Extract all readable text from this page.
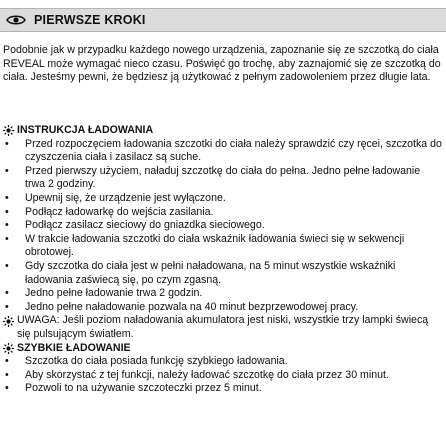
PIERWSZE KROKI
Podobnie jak w przypadku każdego nowego urządzenia, zapoznanie się ze szczotką do ciała REVEAL może wymagać nieco czasu. Poświęć go trochę, aby zaznajomić się ze szczotką do ciała. Jesteśmy pewni, że będziesz ją użytkować z pełnym zadowoleniem przez długie lata.
INSTRUKCJA ŁADOWANIA
•	Przed rozpoczęciem ładowania szczotki do ciała należy sprawdzić czy ręcei, szczotka do czyszczenia ciała i zasilacz są suche.
•	Przed pierwszy użyciem, naładuj szczotkę do ciała do pełna. Jedno pełne ładowanie trwa 2 godziny.
•	Upewnij się, że urządzenie jest wyłączone.
•	Podłącz ładowarkę do wejścia zasilania.
•	Podłącz zasilacz sieciowy do gniazdka sieciowego.
•	W trakcie ładowania szczotki do ciała wskaźnik ładowania świeci się w sekwencji obrotowej.
•	Gdy szczotka do ciała jest w pełni naładowana, na 5 minut wszystkie wskaźniki ładowania zaświecą się, po czym zgasną.
•	Jedno pełne ładowanie trwa 2 godzin.
•	Jedno pełne naładowanie pozwala na 40 minut bezprzewodowej pracy.
UWAGA: Jeśli poziom naładowania akumulatora jest niski, wszystkie trzy lampki świecą się pulsującym światłem.
SZYBKIE ŁADOWANIE
•	Szczotka do ciała posiada funkcję szybkiego ładowania.
•	Aby skorzystać z tej funkcji, należy ładować szczotkę do ciała przez 30 minut.
•	Pozwoli to na używanie szczoteczki przez 5 minut.
